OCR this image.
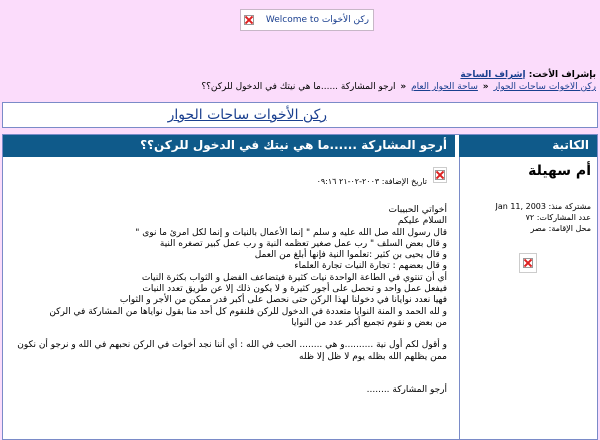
ركن الأخوات Welcome to
بإشراف الأخت: إشراف الساحة
ركن الأخوات ساحات الحوار « ساحة الحوار العام « أرجو المشاركة ......ما هي نيتك في الدخول للركن؟؟
ركن الأخوات ساحات الحوار
الكاتبة
أرجو المشاركة ......ما هي نيتك في الدخول للركن؟؟
أم سهيلة
مشتركة منذ: Jan 11, 2003
عدد المشاركات: ٧٢
محل الإقامة: مصر
تاريخ الإضافة: ٢٠٠٣-٠٢-٢١ ٠٩:١٦

أخواتي الحبيبات

السلام عليكم

قال رسول الله صل الله عليه و سلم " إنما الأعمال بالنيات و إنما لكل امرئ ما نوى "

و قال بعض السلف " رب عمل صغير تعظمه النية و رب عمل كبير تصغره النية

و قال يحيى بن كثير :تعلموا النية فإنها أبلغ من العمل

و قال بعضهم : تجارة النيات تجارة العلماء

أي أن تنتوي في الطاعة الواحدة نيات كثيرة فيتضاعف الفضل و الثواب بكثرة النيات

فيفعل عمل واحد و تحصل على أجور كثيرة و لا يكون ذلك إلا عن طريق تعدد النيات

فهيا نعدد نوايانا في دخولنا لهذا الركن حتى نحصل على أكبر قدر ممكن من الأجر و الثواب

و لله الحمد و المنة النوايا متعددة في الدخول للركن فلنقوم كل أحد منا بقول نواياها من المشاركة في الركن

من بعض و نقوم تجميع أكبر عدد من النوايا

و أقول لكم أول نية ..........و هي ........ الحب في الله : أي أننا نجد أخوات في الركن نحبهم في الله و نرجو أن نكون

ممن يظلهم الله بظله يوم لا ظل إلا ظله

أرجو المشاركة ........
